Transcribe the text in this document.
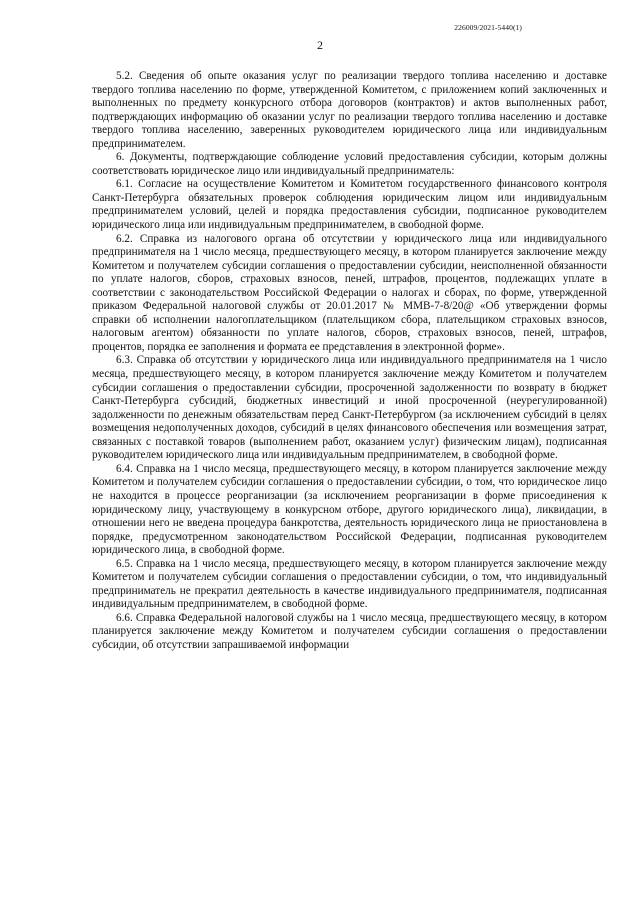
226009/2021-5440(1)
2

5.2. Сведения об опыте оказания услуг по реализации твердого топлива населению и доставке твердого топлива населению по форме, утвержденной Комитетом, с приложением копий заключенных и выполненных по предмету конкурсного отбора договоров (контрактов) и актов выполненных работ, подтверждающих информацию об оказании услуг по реализации твердого топлива населению и доставке твердого топлива населению, заверенных руководителем юридического лица или индивидуальным предпринимателем.

6. Документы, подтверждающие соблюдение условий предоставления субсидии, которым должны соответствовать юридическое лицо или индивидуальный предприниматель:

6.1. Согласие на осуществление Комитетом и Комитетом государственного финансового контроля Санкт-Петербурга обязательных проверок соблюдения юридическим лицом или индивидуальным предпринимателем условий, целей и порядка предоставления субсидии, подписанное руководителем юридического лица или индивидуальным предпринимателем, в свободной форме.

6.2. Справка из налогового органа об отсутствии у юридического лица или индивидуального предпринимателя на 1 число месяца, предшествующего месяцу, в котором планируется заключение между Комитетом и получателем субсидии соглашения о предоставлении субсидии, неисполненной обязанности по уплате налогов, сборов, страховых взносов, пеней, штрафов, процентов, подлежащих уплате в соответствии с законодательством Российской Федерации о налогах и сборах, по форме, утвержденной приказом Федеральной налоговой службы от 20.01.2017 № ММВ-7-8/20@ «Об утверждении формы справки об исполнении налогоплательщиком (плательщиком сбора, плательщиком страховых взносов, налоговым агентом) обязанности по уплате налогов, сборов, страховых взносов, пеней, штрафов, процентов, порядка ее заполнения и формата ее представления в электронной форме».

6.3. Справка об отсутствии у юридического лица или индивидуального предпринимателя на 1 число месяца, предшествующего месяцу, в котором планируется заключение между Комитетом и получателем субсидии соглашения о предоставлении субсидии, просроченной задолженности по возврату в бюджет Санкт-Петербурга субсидий, бюджетных инвестиций и иной просроченной (неурегулированной) задолженности по денежным обязательствам перед Санкт-Петербургом (за исключением субсидий в целях возмещения недополученных доходов, субсидий в целях финансового обеспечения или возмещения затрат, связанных с поставкой товаров (выполнением работ, оказанием услуг) физическим лицам), подписанная руководителем юридического лица или индивидуальным предпринимателем, в свободной форме.

6.4. Справка на 1 число месяца, предшествующего месяцу, в котором планируется заключение между Комитетом и получателем субсидии соглашения о предоставлении субсидии, о том, что юридическое лицо не находится в процессе реорганизации (за исключением реорганизации в форме присоединения к юридическому лицу, участвующему в конкурсном отборе, другого юридического лица), ликвидации, в отношении него не введена процедура банкротства, деятельность юридического лица не приостановлена в порядке, предусмотренном законодательством Российской Федерации, подписанная руководителем юридического лица, в свободной форме.

6.5. Справка на 1 число месяца, предшествующего месяцу, в котором планируется заключение между Комитетом и получателем субсидии соглашения о предоставлении субсидии, о том, что индивидуальный предприниматель не прекратил деятельность в качестве индивидуального предпринимателя, подписанная индивидуальным предпринимателем, в свободной форме.

6.6. Справка Федеральной налоговой службы на 1 число месяца, предшествующего месяцу, в котором планируется заключение между Комитетом и получателем субсидии соглашения о предоставлении субсидии, об отсутствии запрашиваемой информации
